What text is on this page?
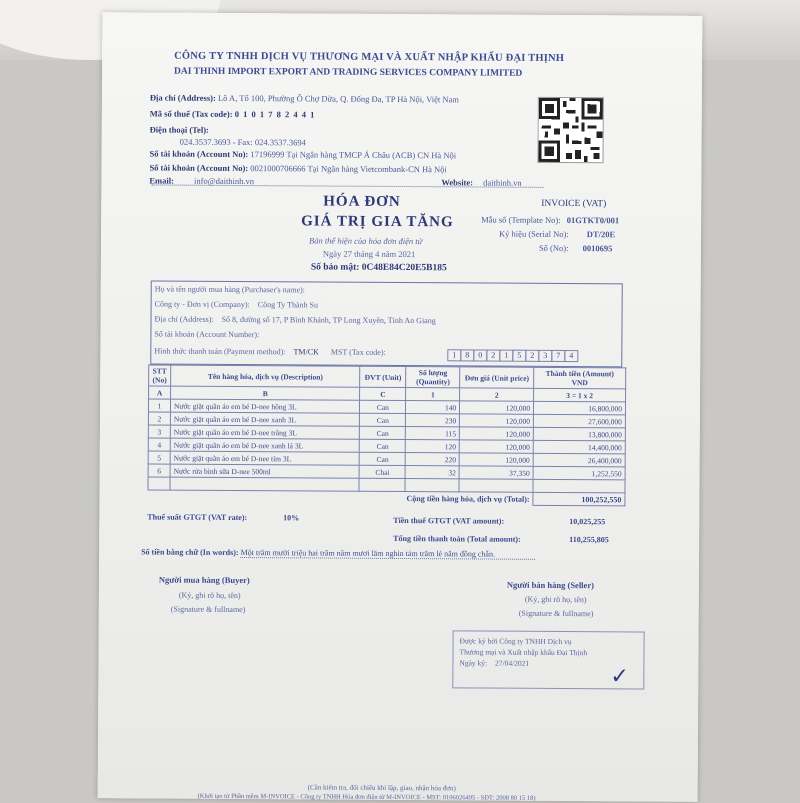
CÔNG TY TNHH DỊCH VỤ THƯƠNG MẠI VÀ XUẤT NHẬP KHẨU ĐẠI THỊNH
DAI THINH IMPORT EXPORT AND TRADING SERVICES COMPANY LIMITED
Địa chỉ (Address): Lô A, Tổ 100, Phường Ô Chợ Dừa, Q. Đống Đa, TP Hà Nội, Việt Nam
Mã số thuế (Tax code): 0 1 0 1 7 8 2 4 4 1
Điện thoại (Tel):
024.3537.3693 - Fax: 024.3537.3694
Số tài khoản (Account No): 17196999 Tại Ngân hàng TMCP Á Châu (ACB) CN Hà Nội
Số tài khoản (Account No): 0021000706666 Tại Ngân hàng Vietcombank-CN Hà Nội
Email: info@daithinh.vn	Website: daithinh.vn
HÓA ĐƠN
GIÁ TRỊ GIA TĂNG
Bản thể hiện của hóa đơn điện tử
Ngày 27 tháng 4 năm 2021
Số bảo mật: 0C48E84C20E5B185
INVOICE (VAT)
Mẫu số (Template No): 01GTKT0/001
Ký hiệu (Serial No): DT/20E
Số (No): 0010695
Họ và tên người mua hàng (Purchaser's name):
Công ty - Đơn vị (Company): Công Ty Thành Su
Địa chỉ (Address): Số 8, đường số 17, P Bình Khánh, TP Long Xuyên, Tỉnh An Giang
Số tài khoản (Account Number):
Hình thức thanh toán (Payment method): TM/CK MST (Tax code):	1	8	0	2	1	5	2	3	7	4
STT (No)	Tên hàng hóa, dịch vụ (Description)	ĐVT (Unit)	Số lượng (Quantity)	Đơn giá (Unit price)	Thành tiền (Amount) VND
A	B	C	1	2	3 = 1 x 2
1	Nước giặt quần áo em bé D-nee hồng 3L	Can	140	120,000	16,800,000
2	Nước giặt quần áo em bé D-nee xanh 3L	Can	230	120,000	27,600,000
3	Nước giặt quần áo em bé D-nee trắng 3L	Can	115	120,000	13,800,000
4	Nước giặt quần áo em bé D-nee xanh lá 3L	Can	120	120,000	14,400,000
5	Nước giặt quần áo em bé D-nee tím 3L	Can	220	120,000	26,400,000
6	Nước rửa bình sữa D-nee 500ml	Chai	32	37,350	1,252,550

Cộng tiền hàng hóa, dịch vụ (Total):					100,252,550
Thuế suất GTGT (VAT rate):	10%	Tiền thuế GTGT (VAT amount):	10,025,255
Tổng tiền thanh toán (Total amount):	110,255,805
Số tiền bằng chữ (In words): Một trăm mười triệu hai trăm năm mươi lăm nghìn tám trăm lẻ năm đồng chẵn.
Người mua hàng (Buyer)
(Ký, ghi rõ họ, tên)
(Signature & fullname)
Người bán hàng (Seller)
(Ký, ghi rõ họ, tên)
(Signature & fullname)
Được ký bởi Công ty TNHH Dịch vụ
Thương mại và Xuất nhập khẩu Đại Thịnh
Ngày ký: 27/04/2021
✓
(Cần kiểm tra, đối chiếu khi lập, giao, nhận hóa đơn)
(Khởi tạo từ Phần mềm M-INVOICE - Công ty TNHH Hóa đơn điện tử M-INVOICE - MST: 0106026495 - SĐT: 2008 80 15 18)
